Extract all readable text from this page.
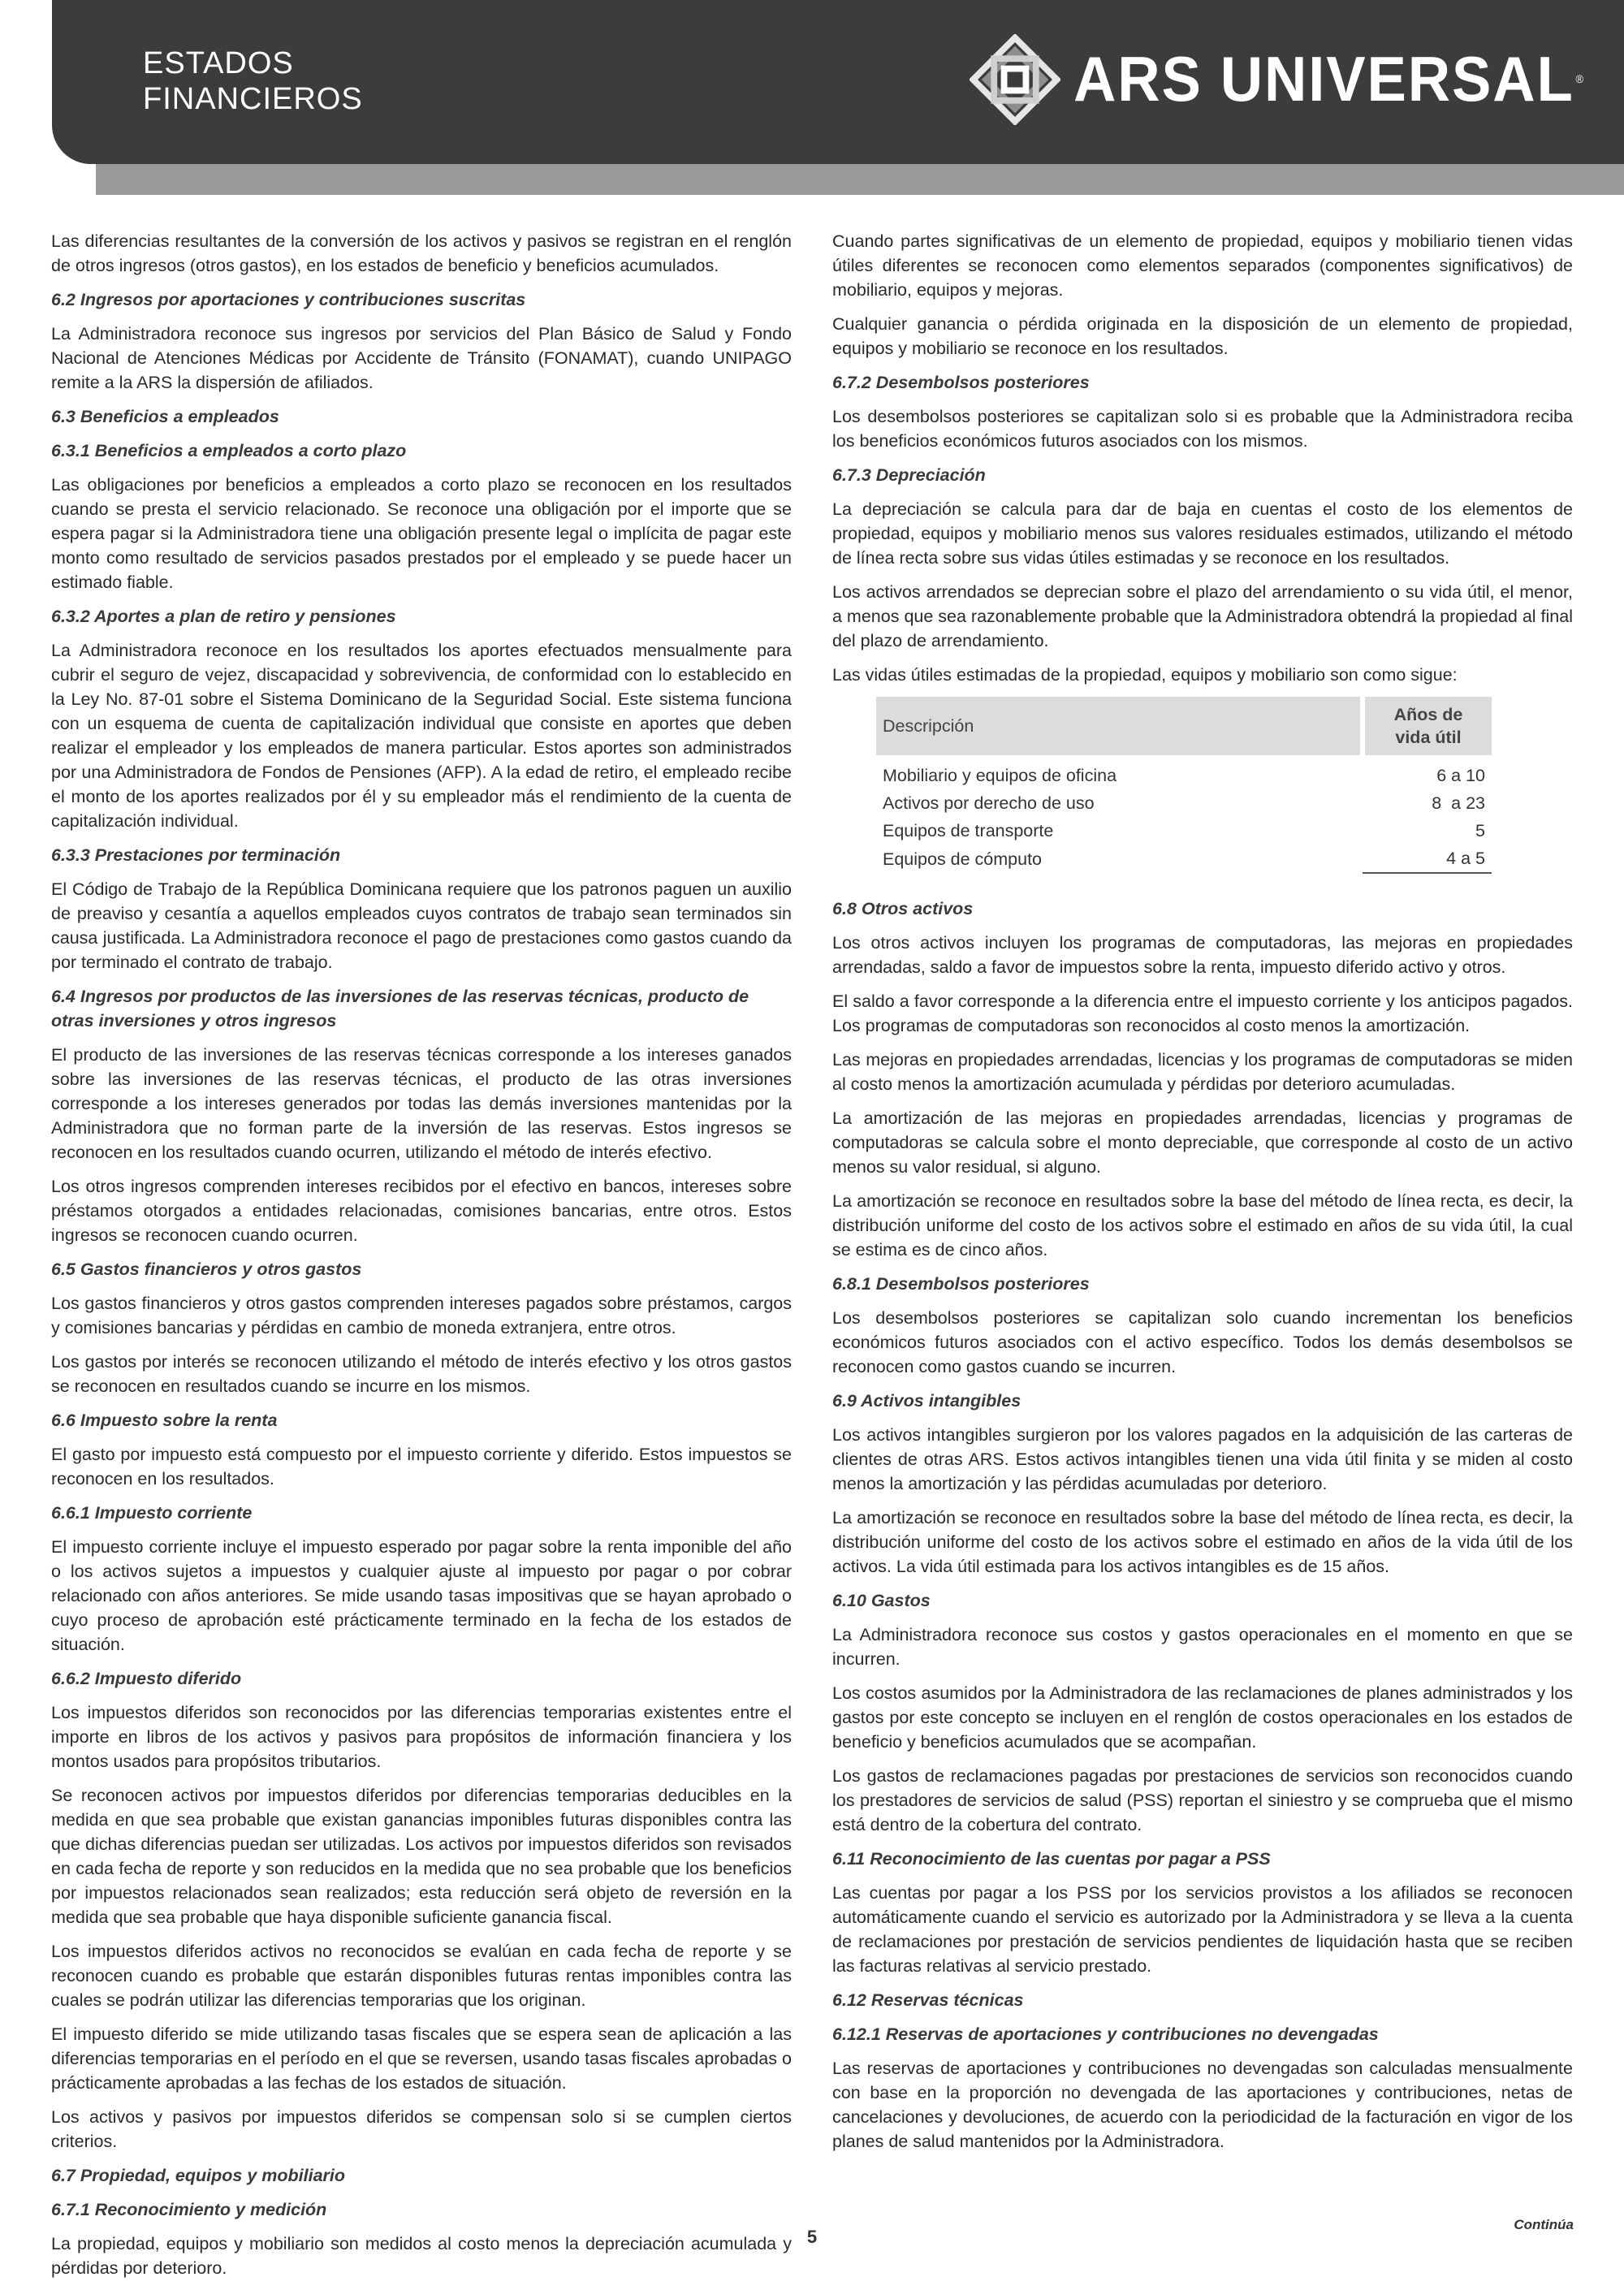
ESTADOS
FINANCIEROS	ARS UNIVERSAL ®

Las diferencias resultantes de la conversión de los activos y pasivos se registran en el renglón de otros ingresos (otros gastos), en los estados de beneficio y beneficios acumulados.

6.2 Ingresos por aportaciones y contribuciones suscritas

La Administradora reconoce sus ingresos por servicios del Plan Básico de Salud y Fondo Nacional de Atenciones Médicas por Accidente de Tránsito (FONAMAT), cuando UNIPAGO remite a la ARS la dispersión de afiliados.

6.3 Beneficios a empleados
6.3.1 Beneficios a empleados a corto plazo

Las obligaciones por beneficios a empleados a corto plazo se reconocen en los resultados cuando se presta el servicio relacionado. Se reconoce una obligación por el importe que se espera pagar si la Administradora tiene una obligación presente legal o implícita de pagar este monto como resultado de servicios pasados prestados por el empleado y se puede hacer un estimado fiable.

6.3.2 Aportes a plan de retiro y pensiones

La Administradora reconoce en los resultados los aportes efectuados mensualmente para cubrir el seguro de vejez, discapacidad y sobrevivencia, de conformidad con lo establecido en la Ley No. 87-01 sobre el Sistema Dominicano de la Seguridad Social. Este sistema funciona con un esquema de cuenta de capitalización individual que consiste en aportes que deben realizar el empleador y los empleados de manera particular. Estos aportes son administrados por una Administradora de Fondos de Pensiones (AFP). A la edad de retiro, el empleado recibe el monto de los aportes realizados por él y su empleador más el rendimiento de la cuenta de capitalización individual.

6.3.3 Prestaciones por terminación

El Código de Trabajo de la República Dominicana requiere que los patronos paguen un auxilio de preaviso y cesantía a aquellos empleados cuyos contratos de trabajo sean terminados sin causa justificada. La Administradora reconoce el pago de prestaciones como gastos cuando da por terminado el contrato de trabajo.

6.4 Ingresos por productos de las inversiones de las reservas técnicas, producto de otras inversiones y otros ingresos

El producto de las inversiones de las reservas técnicas corresponde a los intereses ganados sobre las inversiones de las reservas técnicas, el producto de las otras inversiones corresponde a los intereses generados por todas las demás inversiones mantenidas por la Administradora que no forman parte de la inversión de las reservas. Estos ingresos se reconocen en los resultados cuando ocurren, utilizando el método de interés efectivo.

Los otros ingresos comprenden intereses recibidos por el efectivo en bancos, intereses sobre préstamos otorgados a entidades relacionadas, comisiones bancarias, entre otros. Estos ingresos se reconocen cuando ocurren.

6.5 Gastos financieros y otros gastos

Los gastos financieros y otros gastos comprenden intereses pagados sobre préstamos, cargos y comisiones bancarias y pérdidas en cambio de moneda extranjera, entre otros.

Los gastos por interés se reconocen utilizando el método de interés efectivo y los otros gastos se reconocen en resultados cuando se incurre en los mismos.

6.6 Impuesto sobre la renta

El gasto por impuesto está compuesto por el impuesto corriente y diferido. Estos impuestos se reconocen en los resultados.

6.6.1 Impuesto corriente

El impuesto corriente incluye el impuesto esperado por pagar sobre la renta imponible del año o los activos sujetos a impuestos y cualquier ajuste al impuesto por pagar o por cobrar relacionado con años anteriores. Se mide usando tasas impositivas que se hayan aprobado o cuyo proceso de aprobación esté prácticamente terminado en la fecha de los estados de situación.

6.6.2 Impuesto diferido

Los impuestos diferidos son reconocidos por las diferencias temporarias existentes entre el importe en libros de los activos y pasivos para propósitos de información financiera y los montos usados para propósitos tributarios.

Se reconocen activos por impuestos diferidos por diferencias temporarias deducibles en la medida en que sea probable que existan ganancias imponibles futuras disponibles contra las que dichas diferencias puedan ser utilizadas. Los activos por impuestos diferidos son revisados en cada fecha de reporte y son reducidos en la medida que no sea probable que los beneficios por impuestos relacionados sean realizados; esta reducción será objeto de reversión en la medida que sea probable que haya disponible suficiente ganancia fiscal.

Los impuestos diferidos activos no reconocidos se evalúan en cada fecha de reporte y se reconocen cuando es probable que estarán disponibles futuras rentas imponibles contra las cuales se podrán utilizar las diferencias temporarias que los originan.

El impuesto diferido se mide utilizando tasas fiscales que se espera sean de aplicación a las diferencias temporarias en el período en el que se reversen, usando tasas fiscales aprobadas o prácticamente aprobadas a las fechas de los estados de situación.

Los activos y pasivos por impuestos diferidos se compensan solo si se cumplen ciertos criterios.

6.7 Propiedad, equipos y mobiliario
6.7.1 Reconocimiento y medición

La propiedad, equipos y mobiliario son medidos al costo menos la depreciación acumulada y pérdidas por deterioro.

Cuando partes significativas de un elemento de propiedad, equipos y mobiliario tienen vidas útiles diferentes se reconocen como elementos separados (componentes significativos) de mobiliario, equipos y mejoras.

Cualquier ganancia o pérdida originada en la disposición de un elemento de propiedad, equipos y mobiliario se reconoce en los resultados.

6.7.2 Desembolsos posteriores

Los desembolsos posteriores se capitalizan solo si es probable que la Administradora reciba los beneficios económicos futuros asociados con los mismos.

6.7.3 Depreciación

La depreciación se calcula para dar de baja en cuentas el costo de los elementos de propiedad, equipos y mobiliario menos sus valores residuales estimados, utilizando el método de línea recta sobre sus vidas útiles estimadas y se reconoce en los resultados.

Los activos arrendados se deprecian sobre el plazo del arrendamiento o su vida útil, el menor, a menos que sea razonablemente probable que la Administradora obtendrá la propiedad al final del plazo de arrendamiento.

Las vidas útiles estimadas de la propiedad, equipos y mobiliario son como sigue:

Descripción	Años de
vida útil

Mobiliario y equipos de oficina	6 a 10
Activos por derecho de uso	8  a 23
Equipos de transporte	5
Equipos de cómputo	4 a 5
6.8 Otros activos

Los otros activos incluyen los programas de computadoras, las mejoras en propiedades arrendadas, saldo a favor de impuestos sobre la renta, impuesto diferido activo y otros.

El saldo a favor corresponde a la diferencia entre el impuesto corriente y los anticipos pagados. Los programas de computadoras son reconocidos al costo menos la amortización.

Las mejoras en propiedades arrendadas, licencias y los programas de computadoras se miden al costo menos la amortización acumulada y pérdidas por deterioro acumuladas.

La amortización de las mejoras en propiedades arrendadas, licencias y programas de computadoras se calcula sobre el monto depreciable, que corresponde al costo de un activo menos su valor residual, si alguno.

La amortización se reconoce en resultados sobre la base del método de línea recta, es decir, la distribución uniforme del costo de los activos sobre el estimado en años de su vida útil, la cual se estima es de cinco años.

6.8.1 Desembolsos posteriores

Los desembolsos posteriores se capitalizan solo cuando incrementan los beneficios económicos futuros asociados con el activo específico. Todos los demás desembolsos se reconocen como gastos cuando se incurren.

6.9 Activos intangibles

Los activos intangibles surgieron por los valores pagados en la adquisición de las carteras de clientes de otras ARS. Estos activos intangibles tienen una vida útil finita y se miden al costo menos la amortización y las pérdidas acumuladas por deterioro.

La amortización se reconoce en resultados sobre la base del método de línea recta, es decir, la distribución uniforme del costo de los activos sobre el estimado en años de la vida útil de los activos. La vida útil estimada para los activos intangibles es de 15 años.

6.10 Gastos

La Administradora reconoce sus costos y gastos operacionales en el momento en que se incurren.

Los costos asumidos por la Administradora de las reclamaciones de planes administrados y los gastos por este concepto se incluyen en el renglón de costos operacionales en los estados de beneficio y beneficios acumulados que se acompañan.

Los gastos de reclamaciones pagadas por prestaciones de servicios son reconocidos cuando los prestadores de servicios de salud (PSS) reportan el siniestro y se comprueba que el mismo está dentro de la cobertura del contrato.

6.11 Reconocimiento de las cuentas por pagar a PSS

Las cuentas por pagar a los PSS por los servicios provistos a los afiliados se reconocen automáticamente cuando el servicio es autorizado por la Administradora y se lleva a la cuenta de reclamaciones por prestación de servicios pendientes de liquidación hasta que se reciben las facturas relativas al servicio prestado.

6.12 Reservas técnicas
6.12.1 Reservas de aportaciones y contribuciones no devengadas

Las reservas de aportaciones y contribuciones no devengadas son calculadas mensualmente con base en la proporción no devengada de las aportaciones y contribuciones, netas de cancelaciones y devoluciones, de acuerdo con la periodicidad de la facturación en vigor de los planes de salud mantenidos por la Administradora.

Continúa
5
